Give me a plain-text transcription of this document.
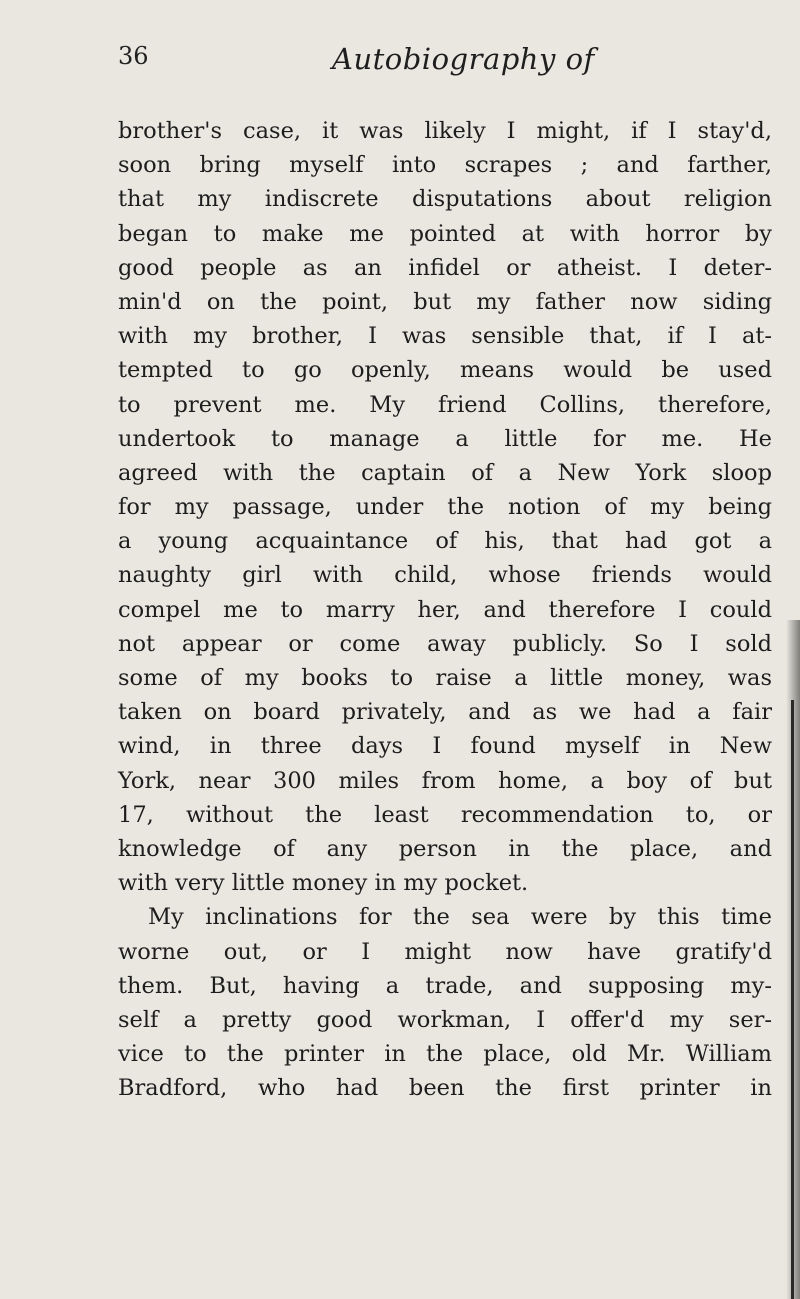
36	Autobiography of
brother's case, it was likely I might, if I stay'd,
soon bring myself into scrapes ; and farther,
that my indiscrete disputations about religion
began to make me pointed at with horror by
good people as an infidel or atheist. I deter-
min'd on the point, but my father now siding
with my brother, I was sensible that, if I at-
tempted to go openly, means would be used
to prevent me. My friend Collins, therefore,
undertook to manage a little for me. He
agreed with the captain of a New York sloop
for my passage, under the notion of my being
a young acquaintance of his, that had got a
naughty girl with child, whose friends would
compel me to marry her, and therefore I could
not appear or come away publicly. So I sold
some of my books to raise a little money, was
taken on board privately, and as we had a fair
wind, in three days I found myself in New
York, near 300 miles from home, a boy of but
17, without the least recommendation to, or
knowledge of any person in the place, and
with very little money in my pocket.
My inclinations for the sea were by this time
worne out, or I might now have gratify'd
them. But, having a trade, and supposing my-
self a pretty good workman, I offer'd my ser-
vice to the printer in the place, old Mr. William
Bradford, who had been the first printer in
